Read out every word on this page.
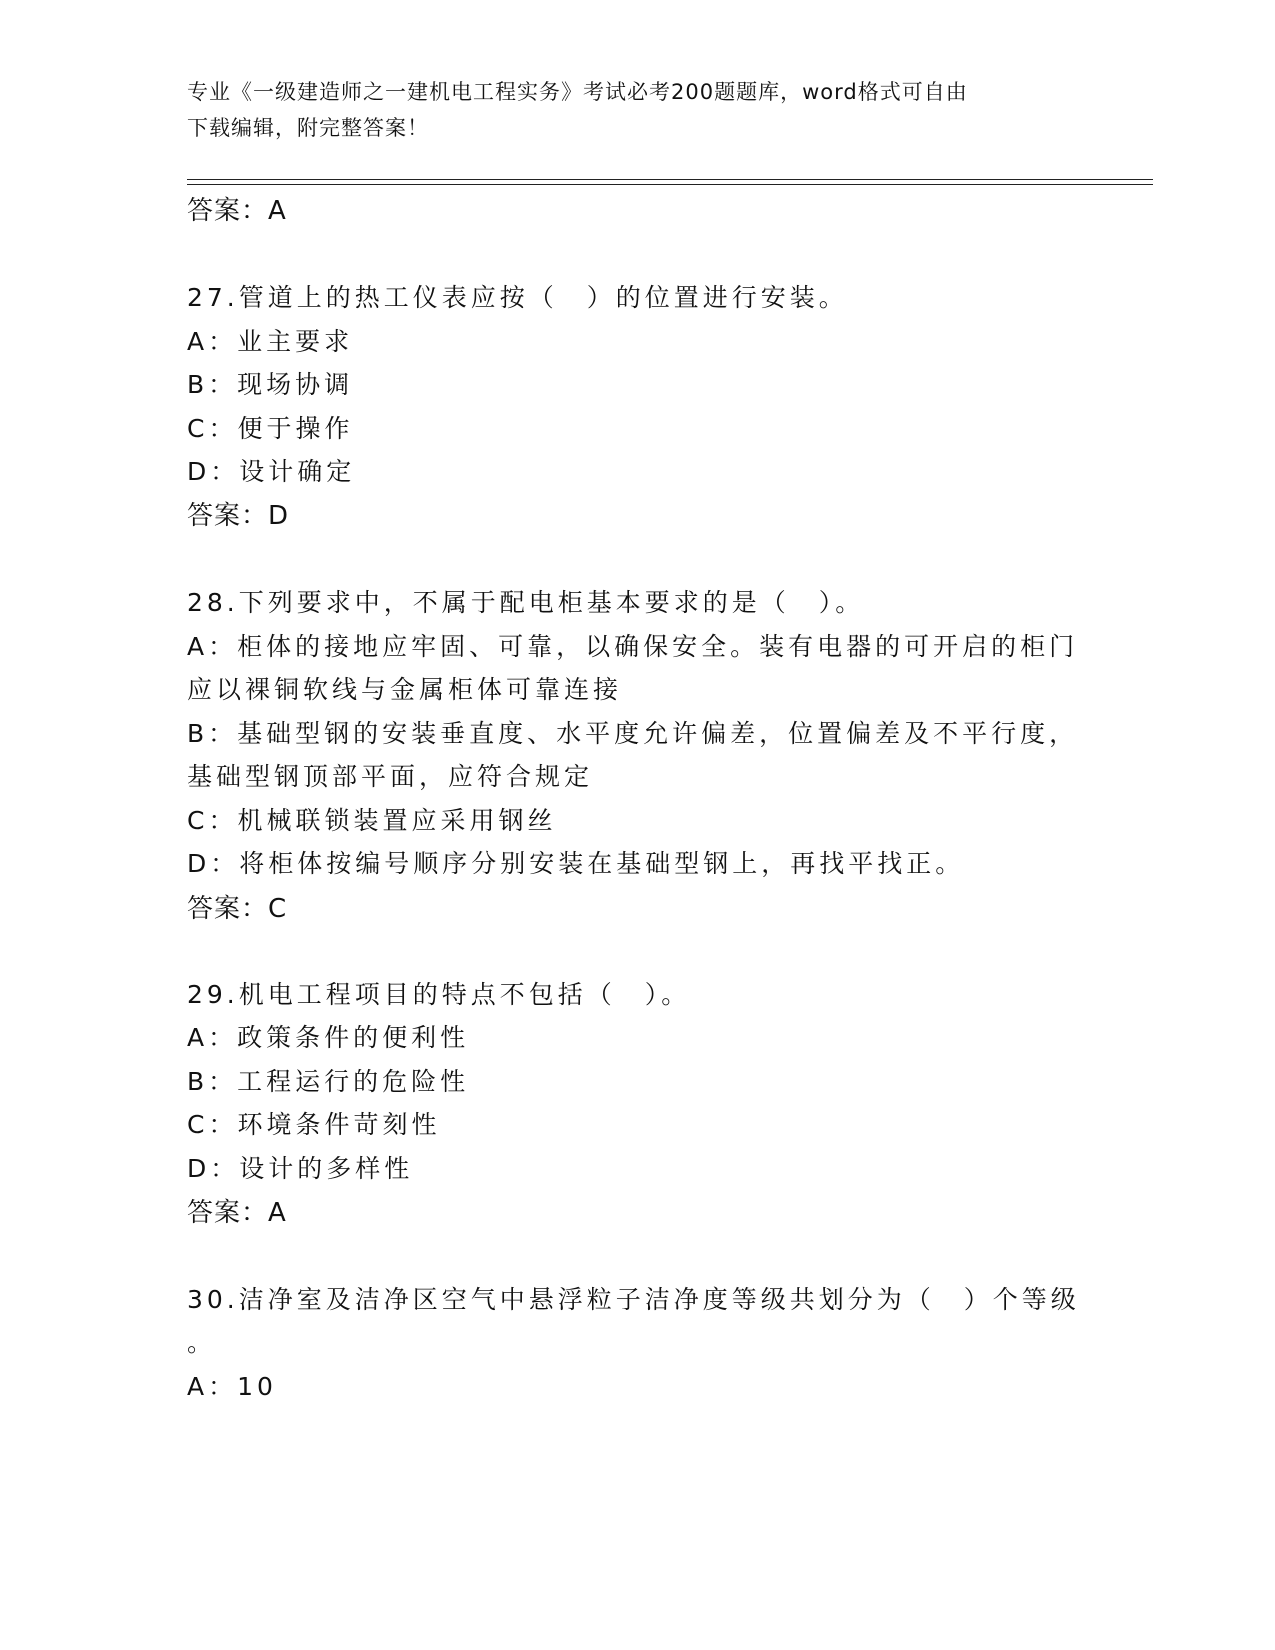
专业《一级建造师之一建机电工程实务》考试必考200题题库，word格式可自由
下载编辑，附完整答案！
答案：A
27.管道上的热工仪表应按（　）的位置进行安装。
A：业主要求
B：现场协调
C：便于操作
D：设计确定
答案：D
28.下列要求中，不属于配电柜基本要求的是（　）。
A：柜体的接地应牢固、可靠，以确保安全。装有电器的可开启的柜门
应以裸铜软线与金属柜体可靠连接
B：基础型钢的安装垂直度、水平度允许偏差，位置偏差及不平行度，
基础型钢顶部平面，应符合规定
C：机械联锁装置应采用钢丝
D：将柜体按编号顺序分别安装在基础型钢上，再找平找正。
答案：C
29.机电工程项目的特点不包括（　）。
A：政策条件的便利性
B：工程运行的危险性
C：环境条件苛刻性
D：设计的多样性
答案：A
30.洁净室及洁净区空气中悬浮粒子洁净度等级共划分为（　）个等级
。
A：10
